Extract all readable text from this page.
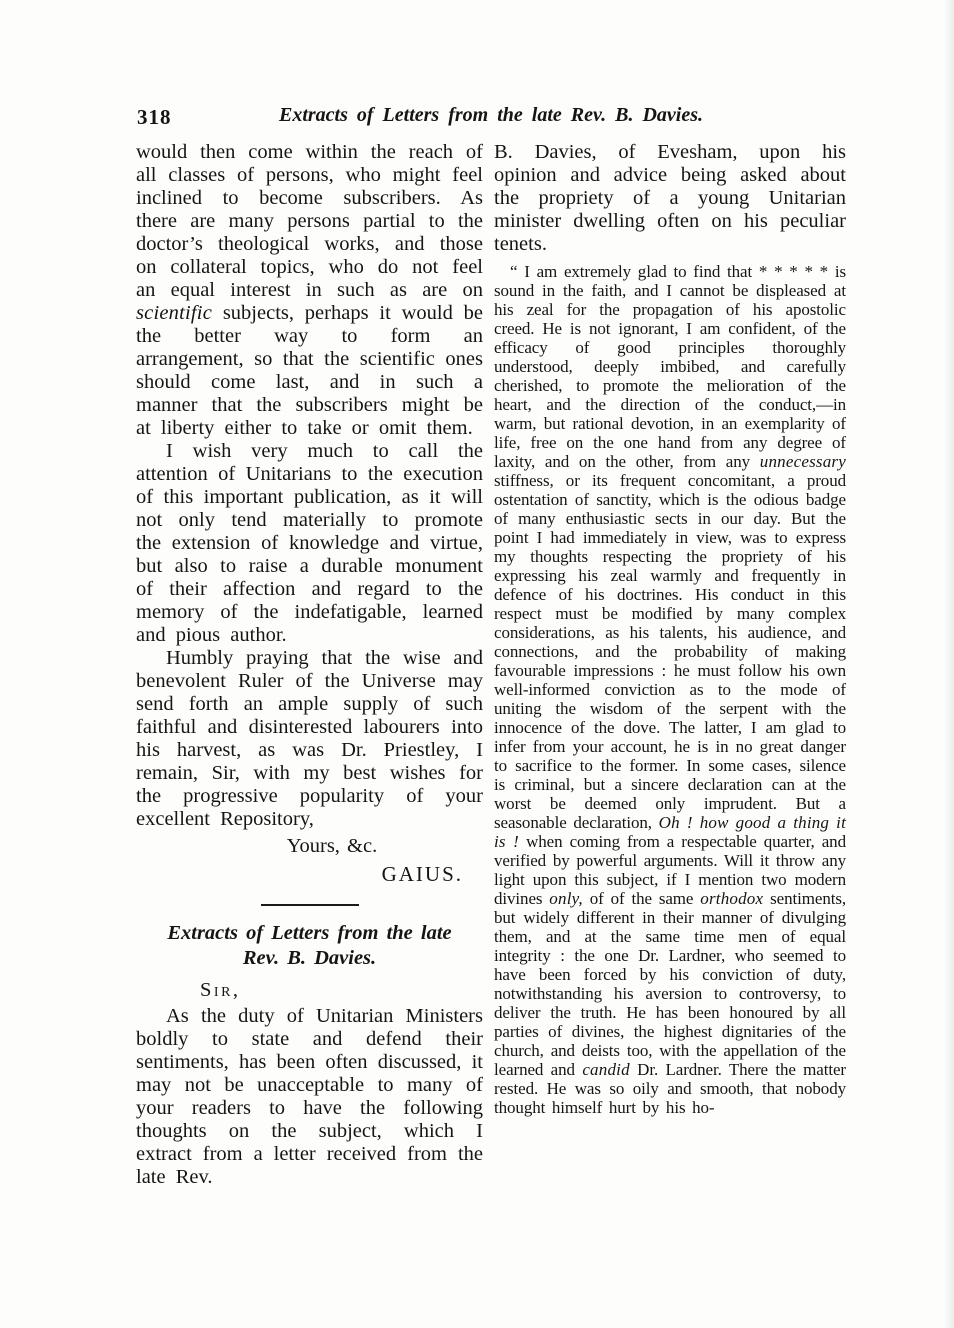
318	Extracts of Letters from the late Rev. B. Davies.

would then come within the reach of all classes of persons, who might feel inclined to become subscribers. As there are many persons partial to the doctor’s theological works, and those on collateral topics, who do not feel an equal interest in such as are on scientific subjects, perhaps it would be the better way to form an arrangement, so that the scientific ones should come last, and in such a manner that the subscribers might be at liberty either to take or omit them.

I wish very much to call the attention of Unitarians to the execution of this important publication, as it will not only tend materially to promote the extension of knowledge and virtue, but also to raise a durable monument of their affection and regard to the memory of the indefatigable, learned and pious author.

Humbly praying that the wise and benevolent Ruler of the Universe may send forth an ample supply of such faithful and disinterested labourers into his harvest, as was Dr. Priestley, I remain, Sir, with my best wishes for the progressive popularity of your excellent Repository,

Yours, &c.
GAIUS.
Extracts of Letters from the late
Rev. B. Davies.
Sir,

As the duty of Unitarian Ministers boldly to state and defend their sentiments, has been often discussed, it may not be unacceptable to many of your readers to have the following thoughts on the subject, which I extract from a letter received from the late Rev.

B. Davies, of Evesham, upon his opinion and advice being asked about the propriety of a young Unitarian minister dwelling often on his peculiar tenets.

“ I am extremely glad to find that * * * * * is sound in the faith, and I cannot be displeased at his zeal for the propagation of his apostolic creed. He is not ignorant, I am confident, of the efficacy of good principles thoroughly understood, deeply imbibed, and carefully cherished, to promote the melioration of the heart, and the direction of the conduct,—in warm, but rational devotion, in an exemplarity of life, free on the one hand from any degree of laxity, and on the other, from any unnecessary stiffness, or its frequent concomitant, a proud ostentation of sanctity, which is the odious badge of many enthusiastic sects in our day. But the point I had immediately in view, was to express my thoughts respecting the propriety of his expressing his zeal warmly and frequently in defence of his doctrines. His conduct in this respect must be modified by many complex considerations, as his talents, his audience, and connections, and the probability of making favourable impressions : he must follow his own well-informed conviction as to the mode of uniting the wisdom of the serpent with the innocence of the dove. The latter, I am glad to infer from your account, he is in no great danger to sacrifice to the former. In some cases, silence is criminal, but a sincere declaration can at the worst be deemed only imprudent. But a seasonable declaration, Oh ! how good a thing it is ! when coming from a respectable quarter, and verified by powerful arguments. Will it throw any light upon this subject, if I mention two modern divines only, of of the same orthodox sentiments, but widely different in their manner of divulging them, and at the same time men of equal integrity : the one Dr. Lardner, who seemed to have been forced by his conviction of duty, notwithstanding his aversion to controversy, to deliver the truth. He has been honoured by all parties of divines, the highest dignitaries of the church, and deists too, with the appellation of the learned and candid Dr. Lardner. There the matter rested. He was so oily and smooth, that nobody thought himself hurt by his ho-
